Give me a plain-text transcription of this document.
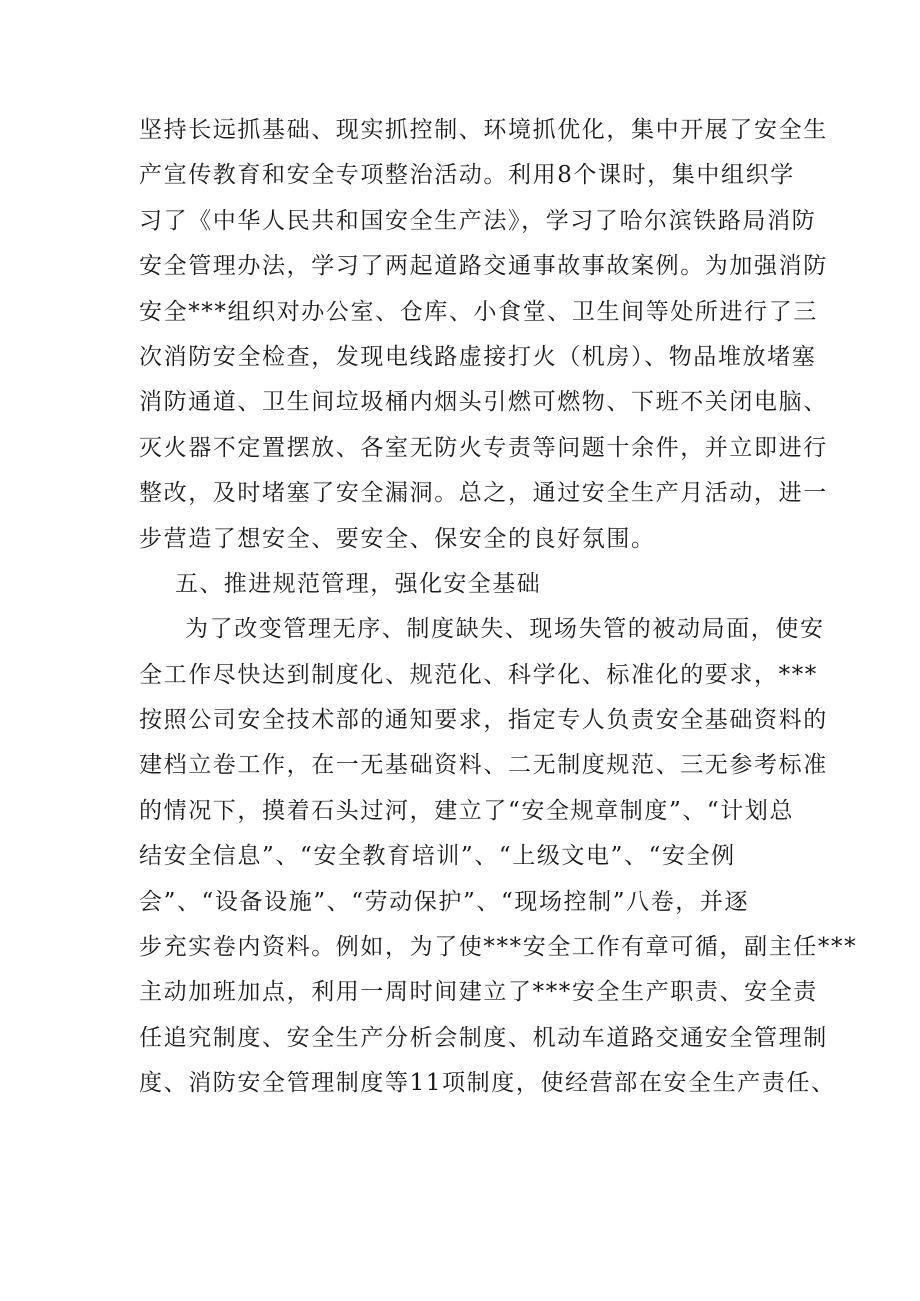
坚持长远抓基础、现实抓控制、环境抓优化，集中开展了安全生
产宣传教育和安全专项整治活动。利用8个课时，集中组织学
习了《中华人民共和国安全生产法》，学习了哈尔滨铁路局消防
安全管理办法，学习了两起道路交通事故事故案例。为加强消防
安全***组织对办公室、仓库、小食堂、卫生间等处所进行了三
次消防安全检查，发现电线路虚接打火（机房）、物品堆放堵塞
消防通道、卫生间垃圾桶内烟头引燃可燃物、下班不关闭电脑、
灭火器不定置摆放、各室无防火专责等问题十余件，并立即进行
整改，及时堵塞了安全漏洞。总之，通过安全生产月活动，进一
步营造了想安全、要安全、保安全的良好氛围。
五、推进规范管理，强化安全基础
为了改变管理无序、制度缺失、现场失管的被动局面，使安
全工作尽快达到制度化、规范化、科学化、标准化的要求，***
按照公司安全技术部的通知要求，指定专人负责安全基础资料的
建档立卷工作，在一无基础资料、二无制度规范、三无参考标准
的情况下，摸着石头过河，建立了“安全规章制度”、“计划总
结安全信息”、“安全教育培训”、“上级文电”、“安全例
会”、“设备设施”、“劳动保护”、“现场控制”八卷，并逐
步充实卷内资料。例如，为了使***安全工作有章可循，副主任***
主动加班加点，利用一周时间建立了***安全生产职责、安全责
任追究制度、安全生产分析会制度、机动车道路交通安全管理制
度、消防安全管理制度等11项制度，使经营部在安全生产责任、
